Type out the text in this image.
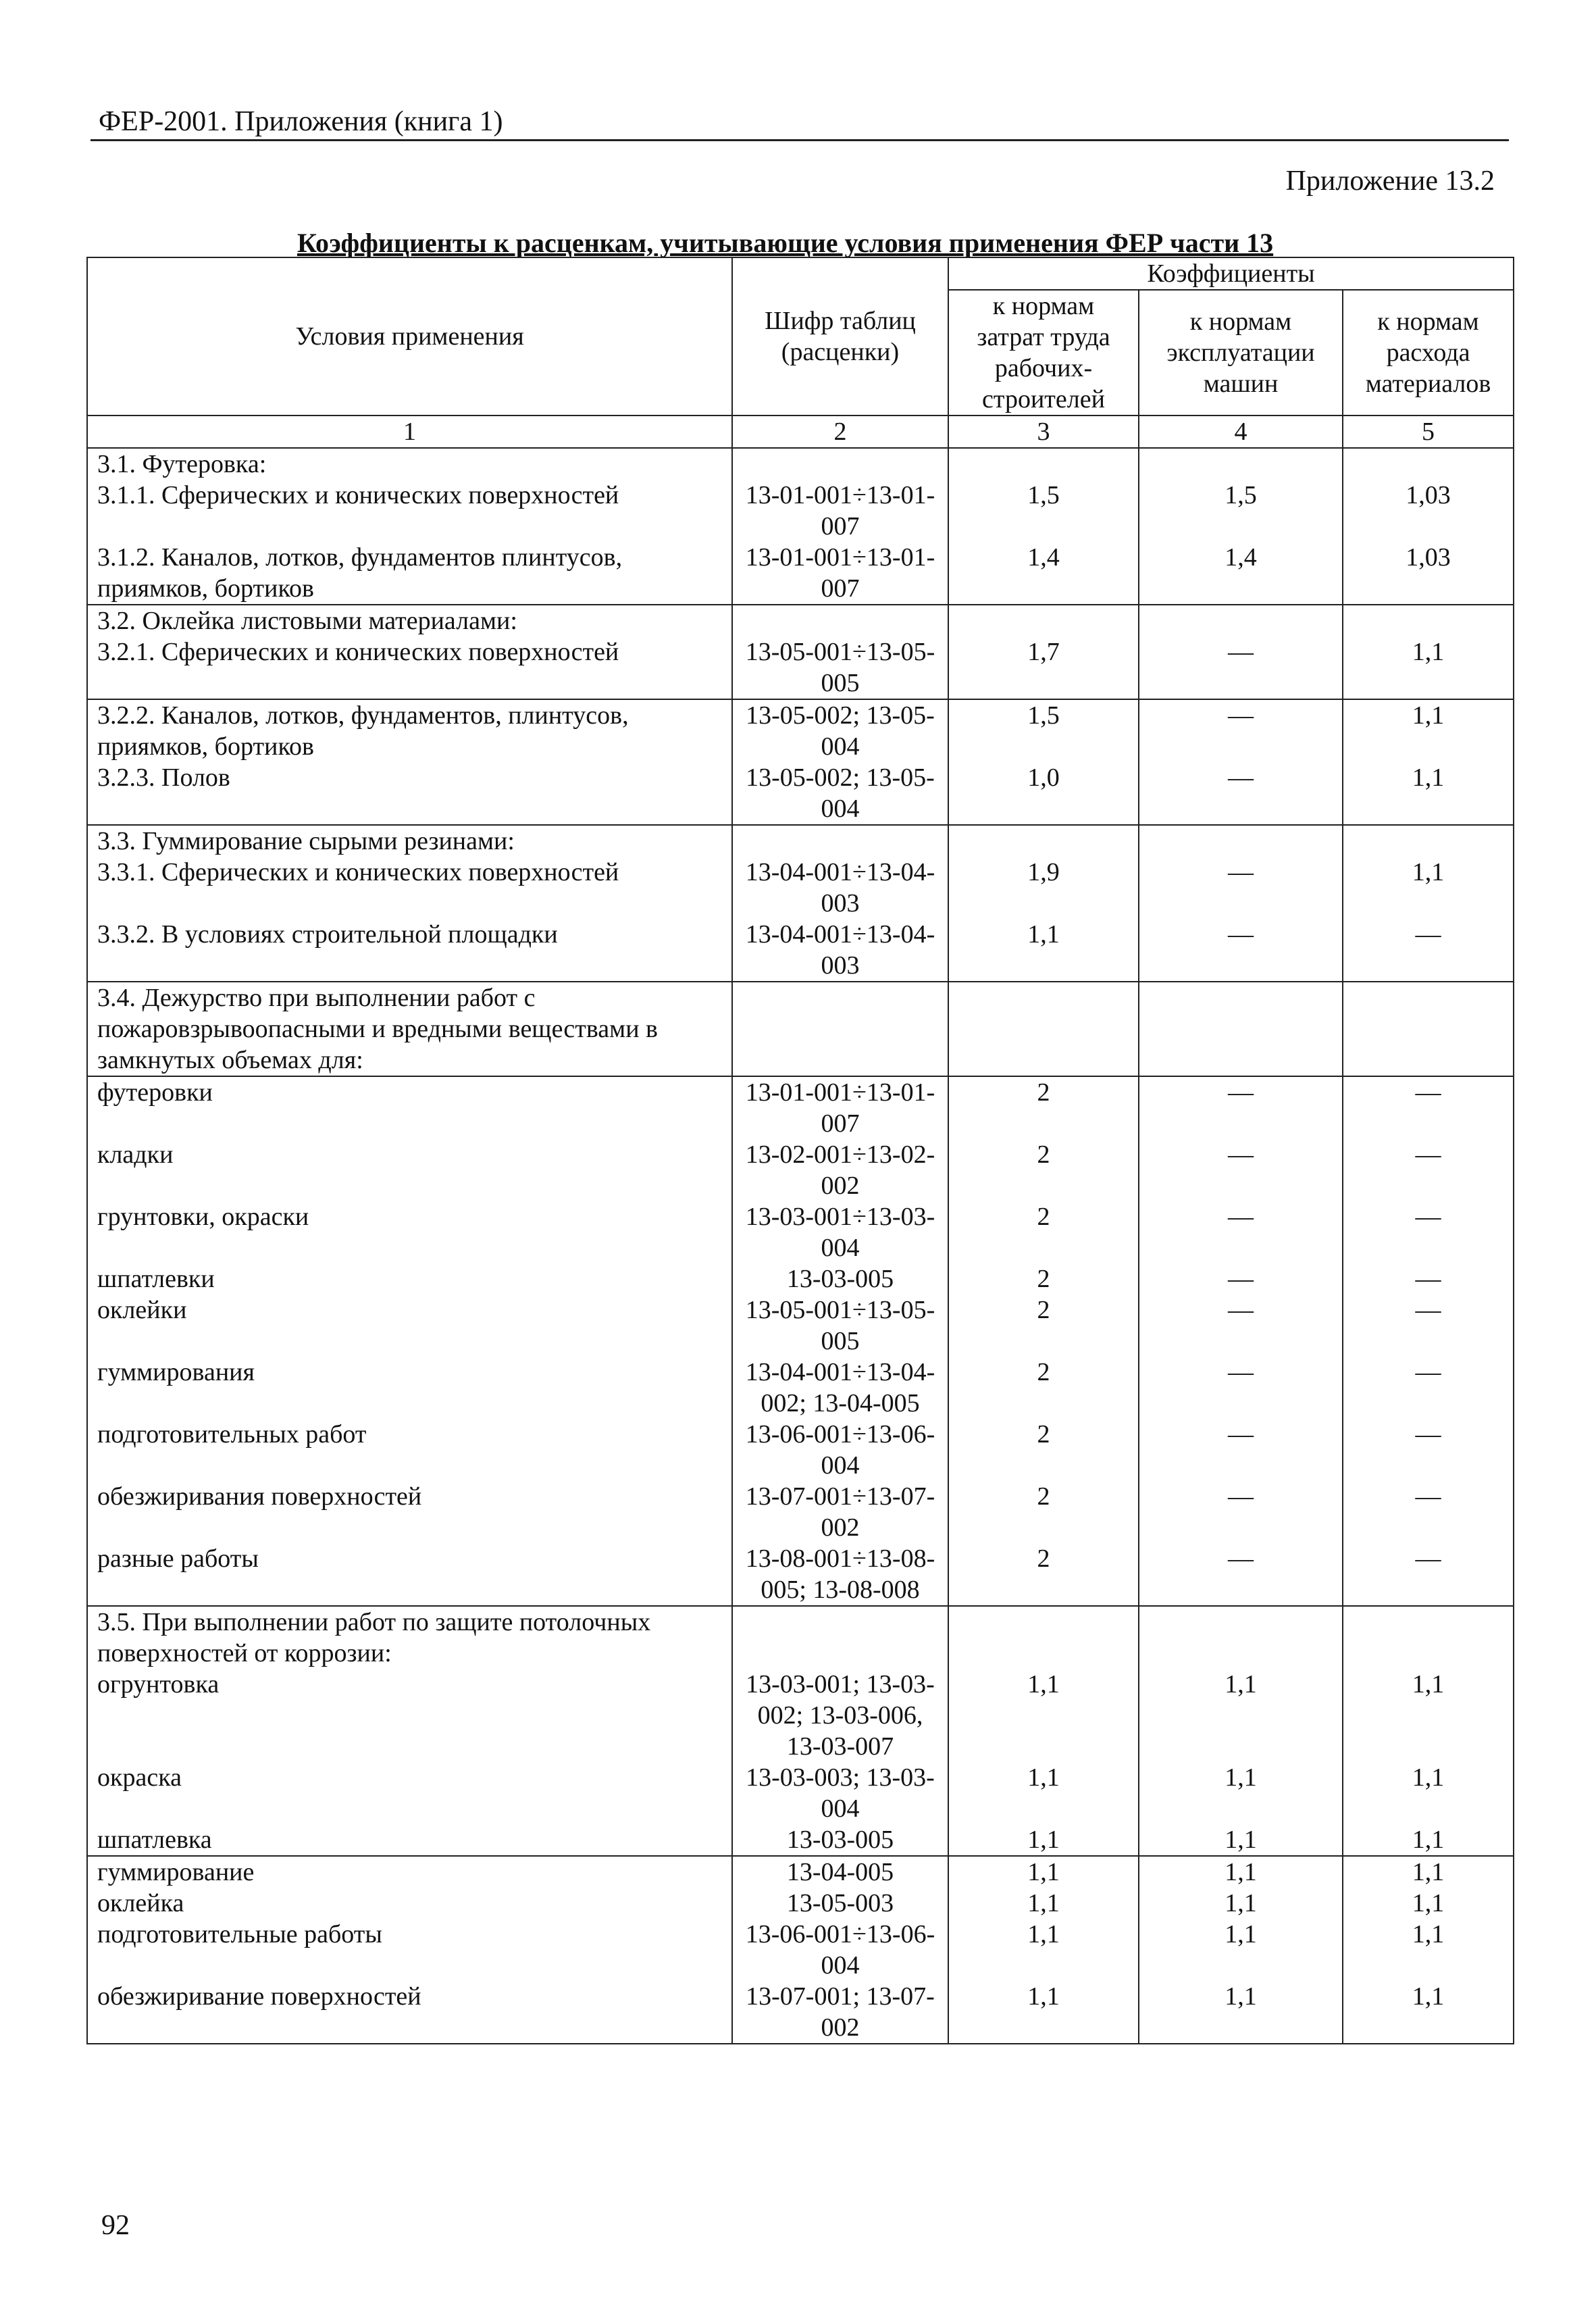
ФЕР-2001. Приложения (книга 1)
Приложение 13.2
Коэффициенты к расценкам, учитывающие условия применения ФЕР части 13
Условия применения	Шифр таблиц (расценки)	Коэффициенты		
		к нормам затрат труда рабочих-строителей	к нормам эксплуатации машин	к нормам расхода материалов
1	2	3	4	5
3.1. Футеровка:				
3.1.1. Сферических и конических поверхностей	13-01-001÷13-01-007	1,5	1,5	1,03
3.1.2. Каналов, лотков, фундаментов плинтусов, приямков, бортиков	13-01-001÷13-01-007	1,4	1,4	1,03
3.2. Оклейка листовыми материалами:				
3.2.1. Сферических и конических поверхностей	13-05-001÷13-05-005	1,7	—	1,1
3.2.2. Каналов, лотков, фундаментов, плинтусов, приямков, бортиков	13-05-002; 13-05-004	1,5	—	1,1
3.2.3. Полов	13-05-002; 13-05-004	1,0	—	1,1
3.3. Гуммирование сырыми резинами:				
3.3.1. Сферических и конических поверхностей	13-04-001÷13-04-003	1,9	—	1,1
3.3.2. В условиях строительной площадки	13-04-001÷13-04-003	1,1	—	—
3.4. Дежурство при выполнении работ с пожаровзрывоопасными и вредными веществами в замкнутых объемах для:				
футеровки	13-01-001÷13-01-007	2	—	—
кладки	13-02-001÷13-02-002	2	—	—
грунтовки, окраски	13-03-001÷13-03-004	2	—	—
шпатлевки	13-03-005	2	—	—
оклейки	13-05-001÷13-05-005	2	—	—
гуммирования	13-04-001÷13-04-002; 13-04-005	2	—	—
подготовительных работ	13-06-001÷13-06-004	2	—	—
обезжиривания поверхностей	13-07-001÷13-07-002	2	—	—
разные работы	13-08-001÷13-08-005; 13-08-008	2	—	—
3.5. При выполнении работ по защите потолочных поверхностей от коррозии:				
огрунтовка	13-03-001; 13-03-002; 13-03-006, 13-03-007	1,1	1,1	1,1
окраска	13-03-003; 13-03-004	1,1	1,1	1,1
шпатлевка	13-03-005	1,1	1,1	1,1
гуммирование	13-04-005	1,1	1,1	1,1
оклейка	13-05-003	1,1	1,1	1,1
подготовительные работы	13-06-001÷13-06-004	1,1	1,1	1,1
обезжиривание поверхностей	13-07-001; 13-07-002	1,1	1,1	1,1
92
